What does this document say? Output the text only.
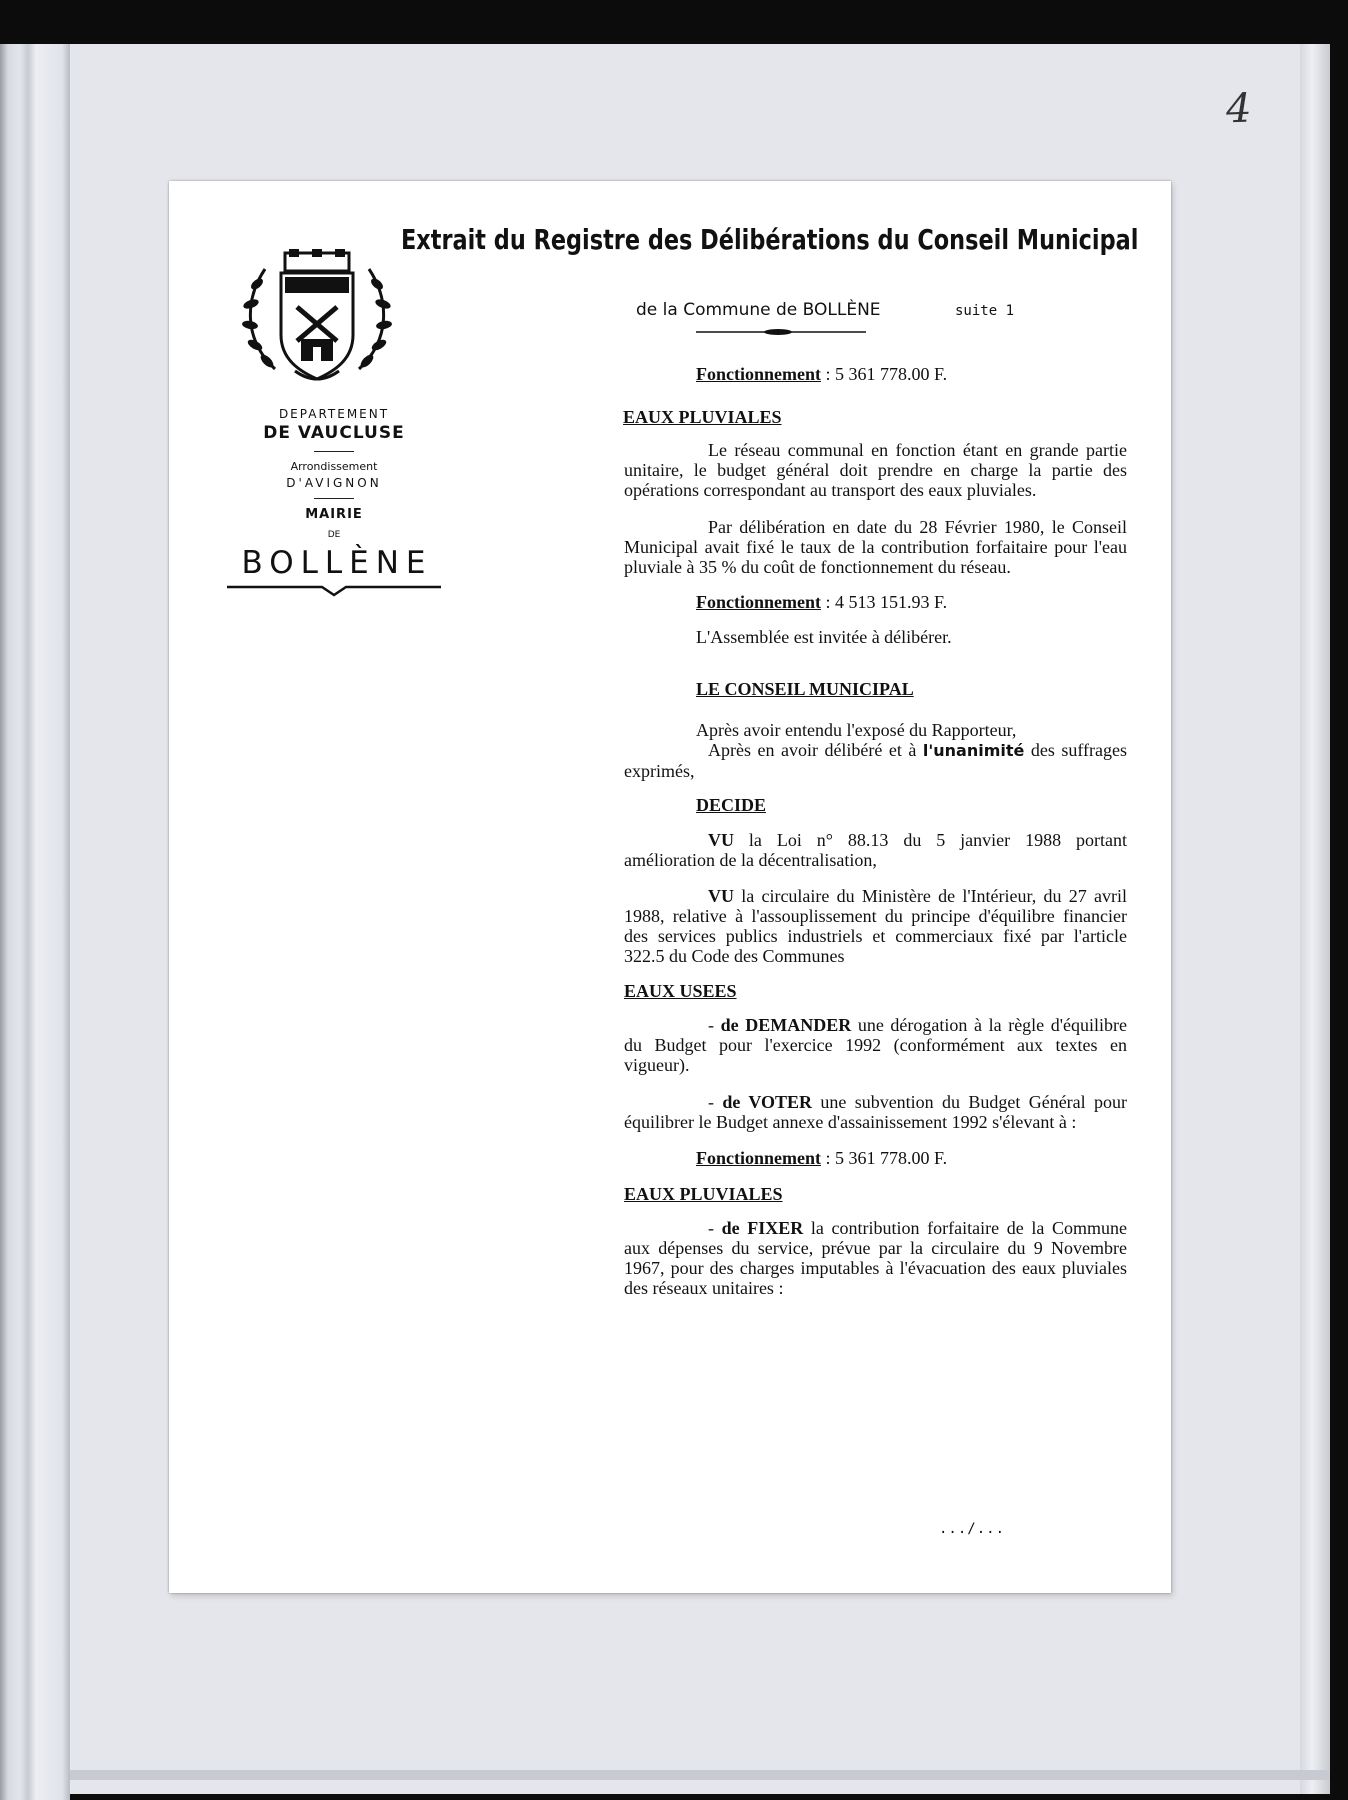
4
DEPARTEMENT
DE VAUCLUSE
Arrondissement
D'AVIGNON
MAIRIE
DE
BOLLÈNE
Extrait du Registre des Délibérations du Conseil Municipal
de la Commune de BOLLÈNE	suite 1

Fonctionnement : 5 361 778.00 F.

EAUX PLUVIALES

Le réseau communal en fonction étant en grande partie unitaire, le budget général doit prendre en charge la partie des opérations correspondant au transport des eaux pluviales.

Par délibération en date du 28 Février 1980, le Conseil Municipal avait fixé le taux de la contribution forfaitaire pour l'eau pluviale à 35 % du coût de fonctionnement du réseau.

Fonctionnement : 4 513 151.93 F.

L'Assemblée est invitée à délibérer.

LE CONSEIL MUNICIPAL

Après avoir entendu l'exposé du Rapporteur,

Après en avoir délibéré et à l'unanimité des suffrages exprimés,

DECIDE

VU la Loi n° 88.13 du 5 janvier 1988 portant amélioration de la décentralisation,

VU la circulaire du Ministère de l'Intérieur, du 27 avril 1988, relative à l'assouplissement du principe d'équilibre financier des services publics industriels et commerciaux fixé par l'article 322.5 du Code des Communes

EAUX USEES

- de DEMANDER une dérogation à la règle d'équilibre du Budget pour l'exercice 1992 (conformément aux textes en vigueur).

- de VOTER une subvention du Budget Général pour équilibrer le Budget annexe d'assainissement 1992 s'élevant à :

Fonctionnement : 5 361 778.00 F.

EAUX PLUVIALES

- de FIXER la contribution forfaitaire de la Commune aux dépenses du service, prévue par la circulaire du 9 Novembre 1967, pour des charges imputables à l'évacuation des eaux pluviales des réseaux unitaires :

.../...
